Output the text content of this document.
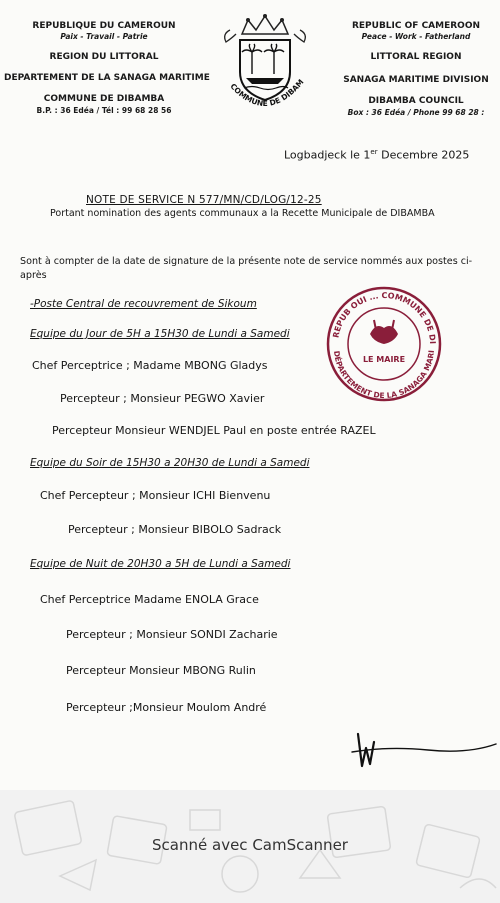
REPUBLIQUE DU CAMEROUN
Paix - Travail - Patrie
REGION DU LITTORAL
DEPARTEMENT DE LA SANAGA MARITIME
COMMUNE DE DIBAMBA
B.P. : 36 Edéa / Tél : 99 68 28 56
COMMUNE DE DIBAM
REPUBLIC OF CAMEROON
Peace - Work - Fatherland
LITTORAL REGION
SANAGA MARITIME DIVISION
DIBAMBA COUNCIL
Box : 36 Edéa / Phone 99 68 28 :
Logbadjeck le 1er Decembre 2025
NOTE DE SERVICE N 577/MN/CD/LOG/12-25
Portant nomination des agents communaux a la Recette Municipale de DIBAMBA
Sont à compter de la date de signature de la présente note de service nommés aux postes ci-
après
-Poste Central de recouvrement de Sikoum
Equipe du Jour de 5H a 15H30 de Lundi a Samedi
Chef Perceptrice ; Madame MBONG Gladys
Percepteur ; Monsieur PEGWO Xavier
Percepteur Monsieur WENDJEL Paul en poste entrée RAZEL
Equipe du Soir de 15H30 a 20H30 de Lundi a Samedi
Chef Percepteur ; Monsieur ICHI Bienvenu
Percepteur ; Monsieur BIBOLO Sadrack
Equipe de Nuit de 20H30 a 5H de Lundi a Samedi
Chef Perceptrice Madame ENOLA Grace
Percepteur ; Monsieur SONDI Zacharie
Percepteur Monsieur MBONG Rulin
Percepteur ;Monsieur Moulom André
REPUB OUI ... COMMUNE DE DI
DÉPARTEMENT DE LA SANAGA MARI
LE MAIRE
Scanné avec CamScanner
